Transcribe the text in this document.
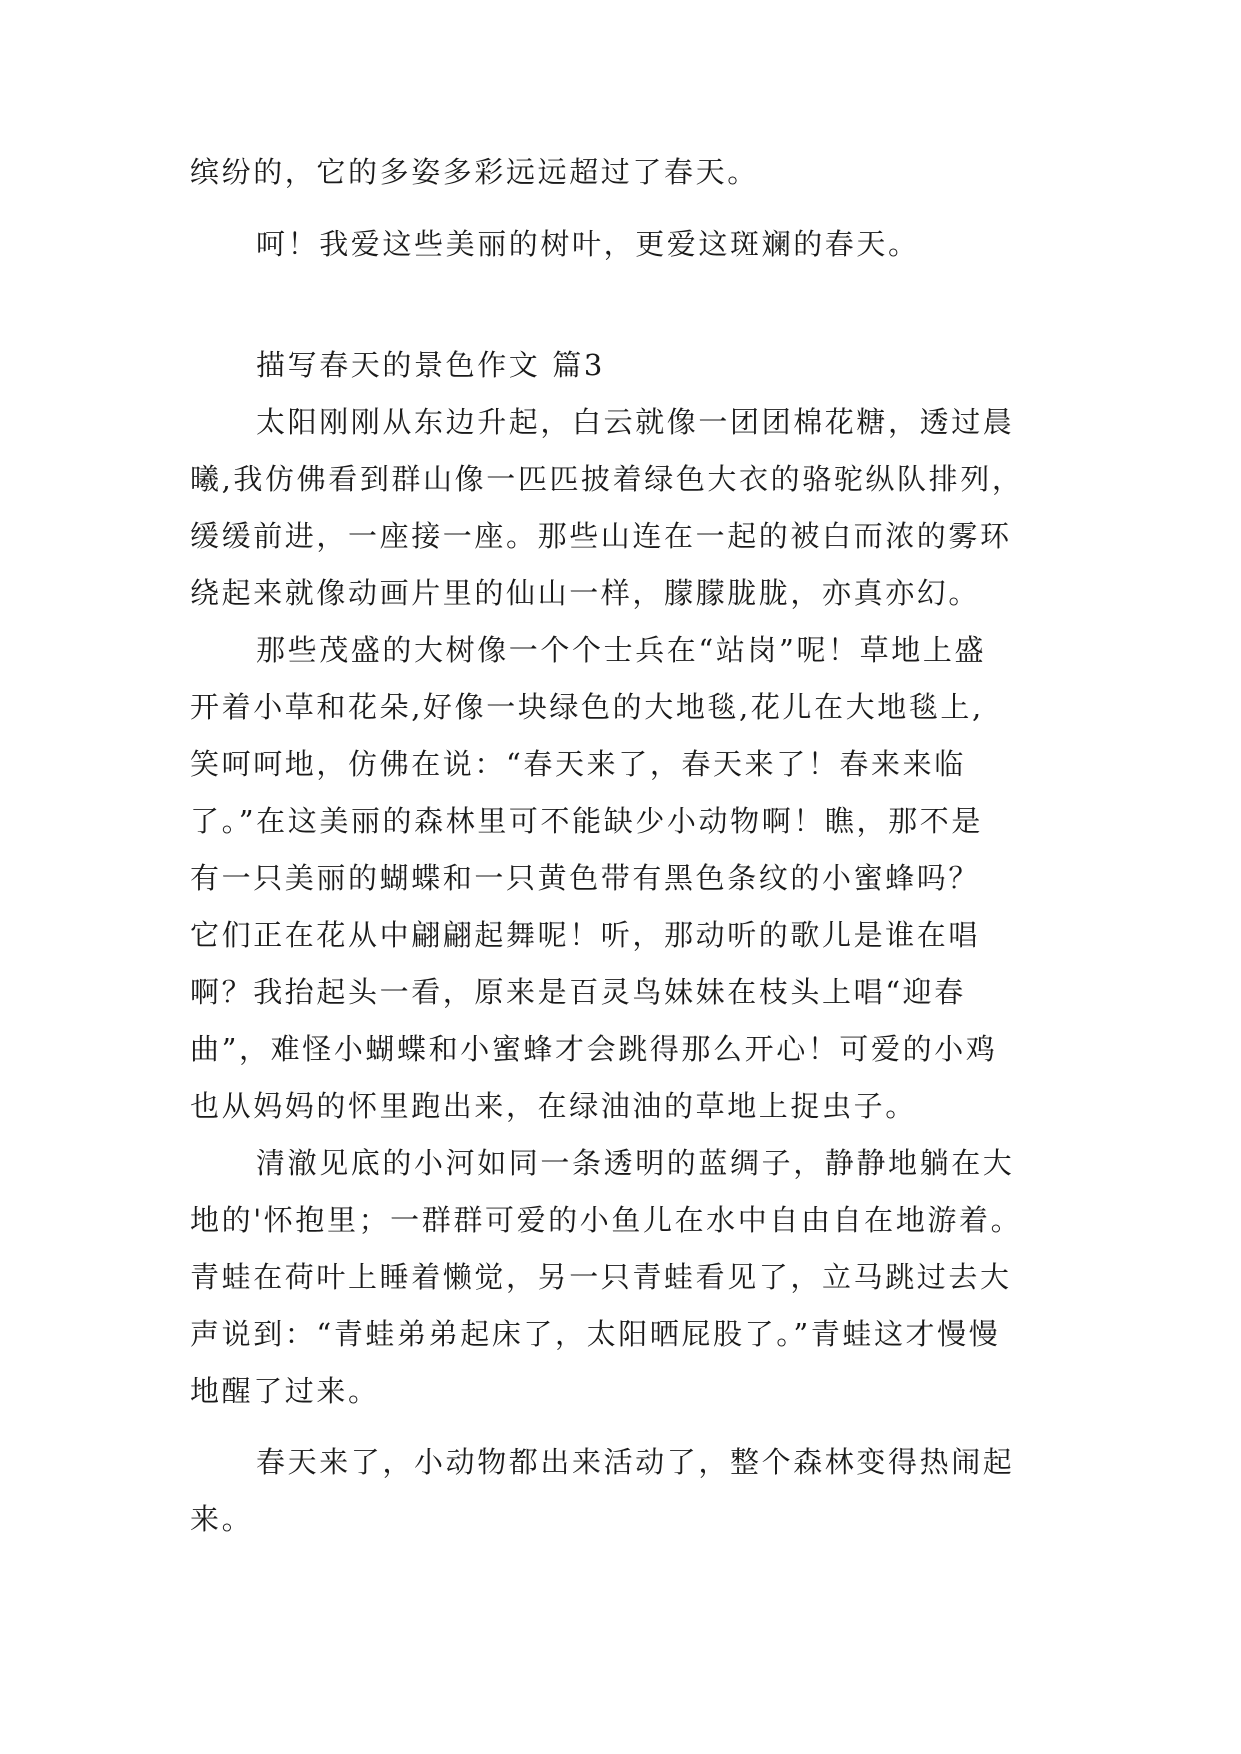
缤纷的，它的多姿多彩远远超过了春天。
呵！我爱这些美丽的树叶，更爱这斑斓的春天。
描写春天的景色作文 篇3
太阳刚刚从东边升起，白云就像一团团棉花糖，透过晨
曦,我仿佛看到群山像一匹匹披着绿色大衣的骆驼纵队排列，
缓缓前进，一座接一座。那些山连在一起的被白而浓的雾环
绕起来就像动画片里的仙山一样，朦朦胧胧，亦真亦幻。
那些茂盛的大树像一个个士兵在“站岗”呢！草地上盛
开着小草和花朵,好像一块绿色的大地毯,花儿在大地毯上,
笑呵呵地，仿佛在说：“春天来了，春天来了！春来来临
了。”在这美丽的森林里可不能缺少小动物啊！瞧，那不是
有一只美丽的蝴蝶和一只黄色带有黑色条纹的小蜜蜂吗？
它们正在花从中翩翩起舞呢！听，那动听的歌儿是谁在唱
啊？我抬起头一看，原来是百灵鸟妹妹在枝头上唱“迎春
曲”，难怪小蝴蝶和小蜜蜂才会跳得那么开心！可爱的小鸡
也从妈妈的怀里跑出来，在绿油油的草地上捉虫子。
清澈见底的小河如同一条透明的蓝绸子，静静地躺在大
地的'怀抱里；一群群可爱的小鱼儿在水中自由自在地游着。
青蛙在荷叶上睡着懒觉，另一只青蛙看见了，立马跳过去大
声说到：“青蛙弟弟起床了，太阳晒屁股了。”青蛙这才慢慢
地醒了过来。
春天来了，小动物都出来活动了，整个森林变得热闹起
来。
